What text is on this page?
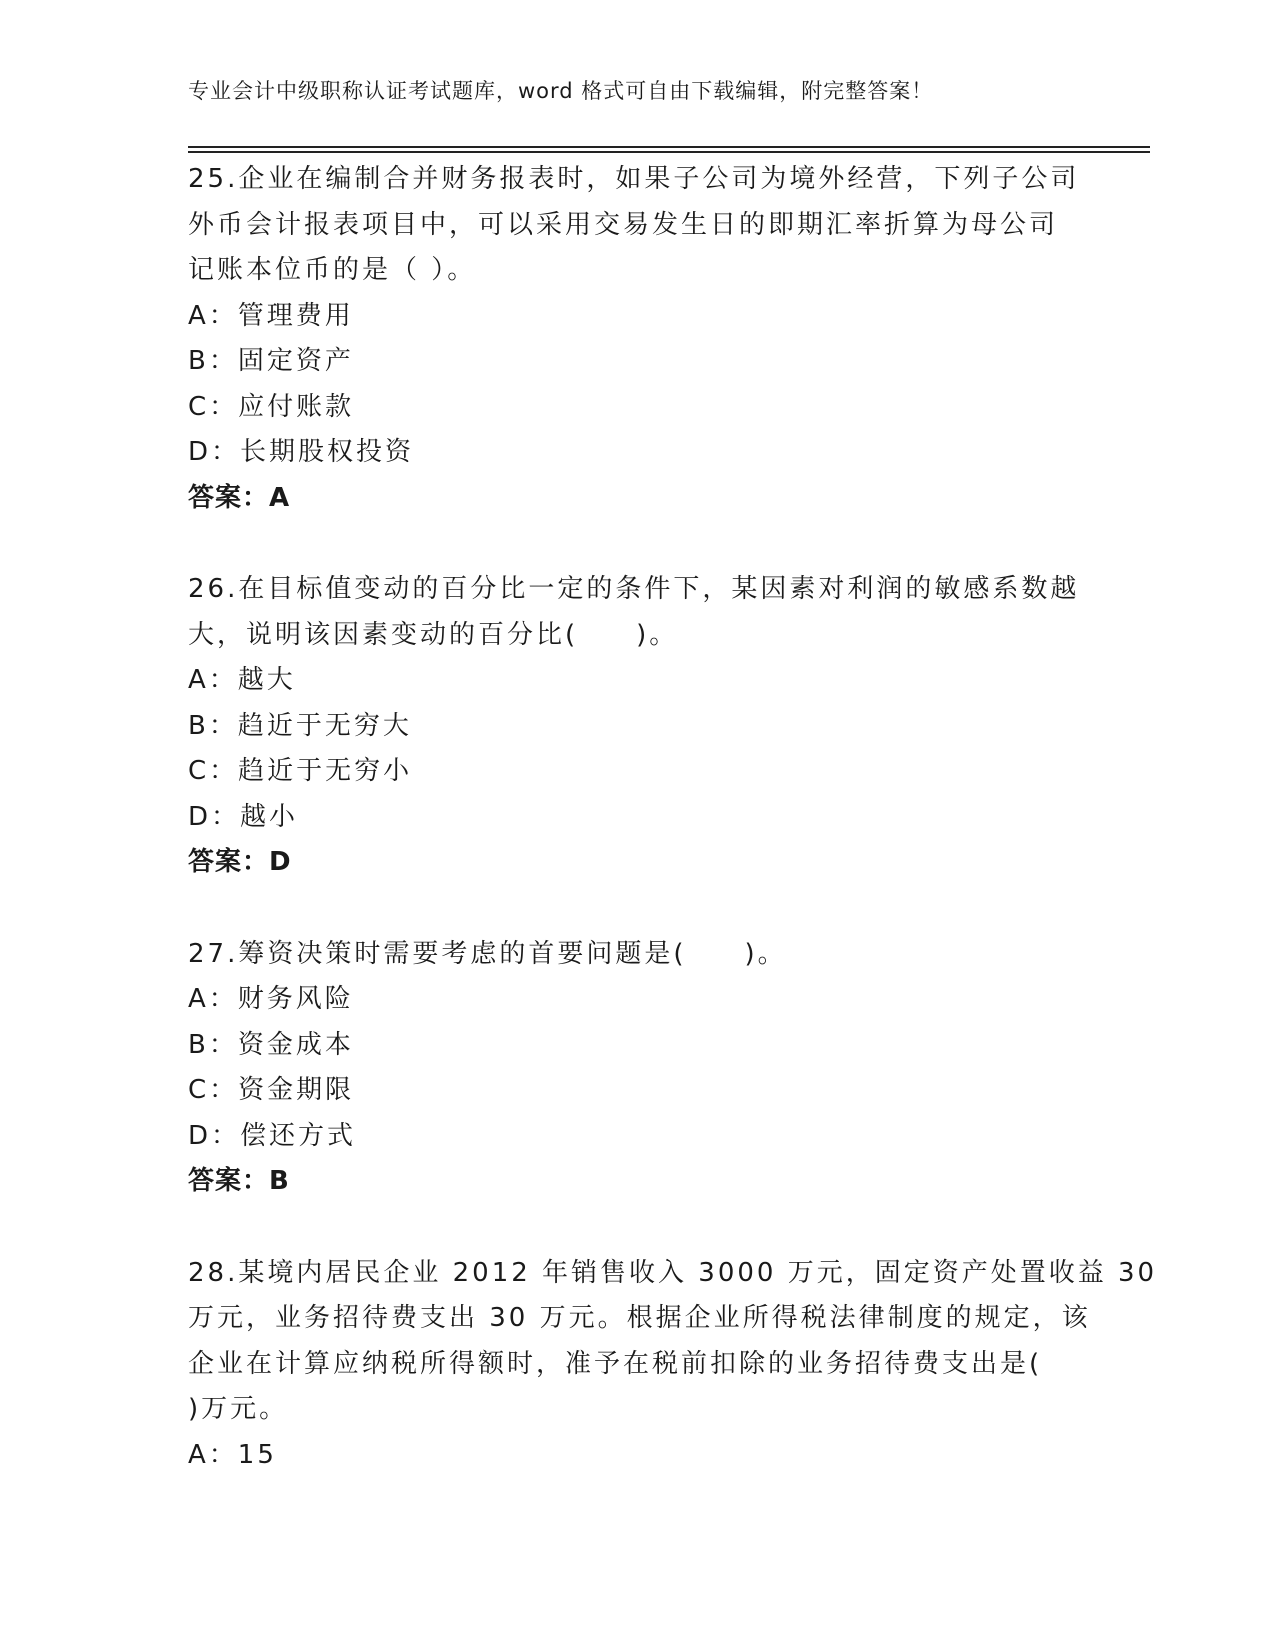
专业会计中级职称认证考试题库，word 格式可自由下载编辑，附完整答案！
25.企业在编制合并财务报表时，如果子公司为境外经营，下列子公司
外币会计报表项目中，可以采用交易发生日的即期汇率折算为母公司
记账本位币的是（ ）。
A：管理费用
B：固定资产
C：应付账款
D：长期股权投资
答案：A
26.在目标值变动的百分比一定的条件下，某因素对利润的敏感系数越
大，说明该因素变动的百分比(　　)。
A：越大
B：趋近于无穷大
C：趋近于无穷小
D：越小
答案：D
27.筹资决策时需要考虑的首要问题是(　　)。
A：财务风险
B：资金成本
C：资金期限
D：偿还方式
答案：B
28.某境内居民企业 2012 年销售收入 3000 万元，固定资产处置收益 30
万元，业务招待费支出 30 万元。根据企业所得税法律制度的规定，该
企业在计算应纳税所得额时，准予在税前扣除的业务招待费支出是(
)万元。
A：15
